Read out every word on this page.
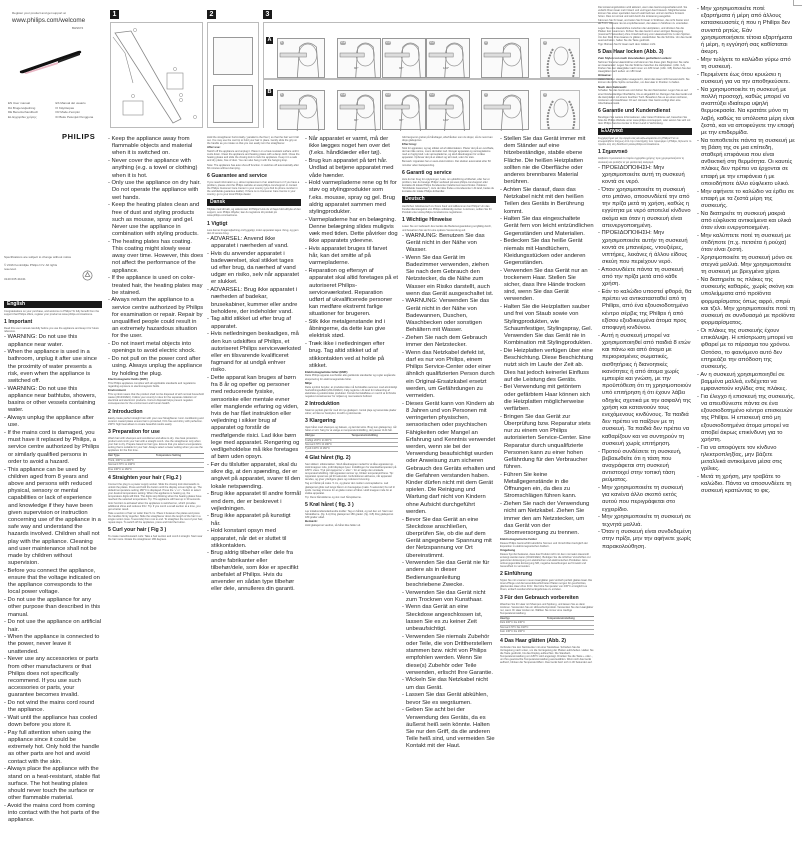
Register your product and get support at
www.philips.com/welcome
BHS674
EN User manual
DA Brugervejledning
DE Benutzerhandbuch
EL Εγχειρίδιο χρήσης
ES Manual del usuario
FI Käyttöopas
FR Mode d'emploi
ID Buku Petunjuk Pengguna
PHILIPS
Specifications are subject to change without notice
© 2016 Koninklijke Philips N.V. All rights reserved.
3140 035 41041
1	2	3
A	1	2-a
90°
2-b
90°
2-c
180°
3	4
B	1	2-a
90°
2-b
90°
2-c
180°
3	4
English
Congratulations on your purchase, and welcome to Philips! To fully benefit from the support that Philips offers, register your product at www.philips.com/welcome.
1 Important
Read this user manual carefully before you use the appliance and keep it for future reference.
- WARNING: Do not use this appliance near water.
- When the appliance is used in a bathroom, unplug it after use since the proximity of water presents a risk, even when the appliance is switched off.
- WARNING: Do not use this appliance near bathtubs, showers, basins or other vessels containing water.
- Always unplug the appliance after use.
- If the mains cord is damaged, you must have it replaced by Philips, a service centre authorized by Philips or similarly qualified persons in order to avoid a hazard.
- This appliance can be used by children aged from 8 years and above and persons with reduced physical, sensory or mental capabilities or lack of experience and knowledge if they have been given supervision or instruction concerning use of the appliance in a safe way and understand the hazards involved. Children shall not play with the appliance. Cleaning and user maintenance shall not be made by children without supervision.
- Before you connect the appliance, ensure that the voltage indicated on the appliance corresponds to the local power voltage.
- Do not use the appliance for any other purpose than described in this manual.
- Do not use the appliance on artificial hair.
- When the appliance is connected to the power, never leave it unattended.
- Never use any accessories or parts from other manufacturers or that Philips does not specifically recommend. If you use such accessories or parts, your guarantee becomes invalid.
- Do not wind the mains cord round the appliance.
- Wait until the appliance has cooled down before you store it.
- Pay full attention when using the appliance since it could be extremely hot. Only hold the handle as other parts are hot and avoid contact with the skin.
- Always place the appliance with the stand on a heat-resistant, stable flat surface. The hot heating plates should never touch the surface or other flammable material.
- Avoid the mains cord from coming into contact with the hot parts of the appliance.
- Keep the appliance away from flammable objects and material when it is switched on.
- Never cover the appliance with anything (e.g. a towel or clothing) when it is hot.
- Only use the appliance on dry hair. Do not operate the appliance with wet hands.
- Keep the heating plates clean and free of dust and styling products such as mousse, spray and gel. Never use the appliance in combination with styling products.
- The heating plates has coating. This coating might slowly wear away over time. However, this does not affect the performance of the appliance.
- If the appliance is used on color-treated hair, the heating plates may be stained.
- Always return the appliance to a service centre authorized by Philips for examination or repair. Repair by unqualified people could result in an extremely hazardous situation for the user.
- Do not insert metal objects into openings to avoid electric shock.
- Do not pull on the power cord after using. Always unplug the appliance by holding the plug.
Electromagnetic fields (EMF)
This Philips appliance complies with all applicable standards and regulations regarding exposure to electromagnetic fields.
Environment
This symbol means that the product shall not be disposed of with normal household waste (2012/19/EU). Follow your country's rules for the separate collection of electrical and electronic products. Correct disposal helps prevent negative consequences for the environment and human health.
2 Introduction
Easily create perfect straight hair with your new Straightener. Ionic conditioning and ceramic coated plates ensure hair is protected, frizz-free and shiny with perfection. 230°C high heat allows to create beautiful results easily.
3 Preparation for use
Wash hair with shampoo and conditioner and allow to dry. Use heat protection product and comb your hair with a straight comb. Use the straightener only when your hair is dry. Prepare based on hair type. Ensure that you select a temperature setting that is suitable for your hair. Always select a lower setting when you use the appliance for the first time.
Hair Type	Temperature Setting
Thick, 200°C to 230°C
Normal 170°C to 190°C
Fine 130°C to 160°C
4 Straighten your hair ( Fig.2 )
Connect the plug to a power supply socket. Slide the closing lock downwards to unlock the plates. Press and hold the button until the display screen lights up. The default temperature setting 180°C is displayed. Press the '+' or '-' button to select your desired temperature setting. When the appliance is heating up, the temperature digits will blink. The digits stop blinking when the heating plates have reached the selected temperature. Tip: The appliance will heat up in 30 seconds. Ionic function is activated when the appliance is switched on, which provides additional shine and reduces frizz. Tip: If you comb a small section at a time, you get a better result.
Take a section of hair no wider than 5 cm. Place it between the plates and press the handles firmly together. Slide the straightener down the length of the hair in a single motion (max. 5 seconds) from root to end. To straighten the rest of your hair, repeat steps. To switch off the appliance, press and hold the button.
5 Curl your hair ( Fig 3 )
To create inward/outward curls: Take a hair section and comb it straight. Start near the hair roots. Rotate the straightener 180 degrees.
Hold the straightener horizontally ( parallel to the floor ) so that the hair won't fall out. You may use the cool tip to hold your hair in place. Gently slide the grip on the handle as you rotate so that you can easily turn the straightener.
After use:
Switch off the appliance and unplug it. Place it on a heat-resistant surface until it cools down. Clean the appliance and heating plates with a damp cloth. Close the heating plates and slide the closing lock to lock the appliance. Keep it in a safe and dry place, free of dust. You can also hang it with the hanging loop.
Note: The appliance has auto shut-off function. It switches off automatically after 60 minutes without clamping.
6 Guarantee and service
If you need information e.g. about replacement of an attachment or if you have a problem, please visit the Philips website at www.philips.com/support or contact the Philips Customer Care Center in your country (you find its phone number in the worldwide guarantee leaflet). If there is no Consumer Care Centre in your country, go to your local Philips dealer.
Dansk
Tillykke med dit køb, og velkommen til Philips! Hvis du vil have fuld udbytte af den support, som Philips tilbyder, kan du registrere dit produkt på www.philips.com/welcome.
1 Vigtigt
Læs denne brugervejledning omhyggeligt, inden apparatet tages i brug, og gem den til senere brug.
- ADVARSEL: Anvend ikke apparatet i nærheden af vand.
- Hvis du anvender apparatet i badeværelset, skal stikket tages ud efter brug, da nærhed af vand udgør en risiko, selv når apparatet er slukket.
- ADVARSEL: Brug ikke apparatet i nærheden af badekar, brusekabiner, kummer eller andre beholdere, der indeholder vand.
- Tag altid stikket ud efter brug af apparatet.
- Hvis netledningen beskadiges, må den kun udskiftes af Philips, et autoriseret Philips serviceværksted eller en tilsvarende kvalificeret fagmand for at undgå enhver risiko.
- Dette apparat kan bruges af børn fra 8 år og opefter og personer med reducerede fysiske, sensoriske eller mentale evner eller manglende erfaring og viden, hvis de har fået instruktion eller vejledning i sikker brug af apparatet og forstår de medfølgende risici. Lad ikke børn lege med apparatet. Rengøring og vedligeholdelse må ikke foretages af børn uden opsyn.
- Før du tilslutter apparatet, skal du sikre dig, at den spænding, der er angivet på apparatet, svarer til den lokale netspænding.
- Brug ikke apparatet til andre formål end dem, der er beskrevet i vejledningen.
- Brug ikke apparatet på kunstigt hår.
- Hold konstant opsyn med apparatet, når det er sluttet til stikkontakten.
- Brug aldrig tilbehør eller dele fra andre fabrikanter eller tilbehør/dele, som ikke er specifikt anbefalet af Philips. Hvis du anvender en sådan type tilbehør eller dele, annulleres din garanti.
- Når apparatet er varmt, må der ikke lægges noget hen over det (f.eks. håndklæder eller tøj).
- Brug kun apparatet på tørt hår. Undlad at betjene apparatet med våde hænder.
- Hold varmepladerne rene og fri for støv og stylingprodukter som f.eks. mousse, spray og gel. Brug aldrig apparatet sammen med stylingprodukter.
- Varmepladerne har en belægning. Denne belægning slides muligvis væk med tiden. Dette påvirker dog ikke apparatets ydeevne.
- Hvis apparatet bruges til farvet hår, kan det smitte af på varmepladerne.
- Reparation og eftersyn af apparatet skal altid foretages på et autoriseret Philips-serviceværksted. Reparation udført af ukvalificerede personer kan medføre ekstremt farlige situationer for brugeren.
- Stik ikke metalgenstande ind i åbningerne, da dette kan give elektrisk stød.
- Træk ikke i netledningen efter brug. Tag altid stikket ud af stikkontakten ved at holde på stikket.
Elektromagnetiske felter (EMF)
Dette Philips apparat overholder alle gældende standarder og regler angående eksponering for elektromagnetiske felter.
Miljø
Dette symbol betyder, at produktet ikke må bortskaffes sammen med almindeligt husholdningsaffald (2012/19/EU). Følg reglerne i dit land for indsamling af elektriske og elektroniske produkter. Korrekt bortskaffelse er med til at forhindre negative konsekvenser for miljøet og menneskers helbred.
2 Introduktion
Skab let perfekt glat hår med dit nye glattejern. Ionisk pleje og keramiske plader sikrer, at håret er beskyttet, krusfrit og skinnende.
3 Klargøring
Vask håret med shampoo og balsam, og lad det tørre. Brug kun glattejernet, når håret er tørt. Sørg for at vælge en temperaturindstilling, der passer til dit hår.
Hårtype	Temperaturindstilling
Kraftigt 200°C til 230°C
Normal 170°C til 190°C
Tyndt 130°C til 160°C
4 Glat håret (fig. 2)
Sæt stikket i stikkontakten. Skub låseknappen nedad for at låse apparatet op. Hold knappen inde, indtil displayet lyser. Indstillingen for standardtemperatur på 180°C vises. Tryk på knapperne '+' eller '-' for at vælge den ønskede temperaturindstilling. Når apparatet varmer op, blinker temperaturcifrene. Tip: Apparatet opvarmes på 30 sekunder. Ionfunktionen aktiveres, når apparatet tændes, og giver yderligere glans og reducerer krusning.
Tag en hårlok på maks. 5 cm, og placer den mellem varmepladerne. Lad glattejernet glide ned langs håret i én bevægelse (maks. 5 sekunder) fra rod til spids. Gentag trinnene for at glatte resten af håret. Hold knappen inde for at slukke apparatet.
Tip: Rens hårrødderne og slut med hårspidserne.
5 Krøl håret ( fig. 3 )
Lav indadvendte/udadvendte krøller: Tag en hårlok, og red den ud. Start nær hårrødderne. (fig. 3-A) Drej glattejernet 180 grader. (fig. 3-B) Drej glattejernet 180 grader udad.
Bemærk:
Hold glattejernet vandret, så håret ikke falder ud.
Glid langsomt grebet på håndtaget, efterhånden som du drejer, så du nemt kan dreje glattejernet.
Efter brug:
Sluk for apparatet, og tag stikket ud af stikkontakten. Placer det på en overflade, der kan tåle varme, mens det køler ned. Rengør apparatet og varmepladerne med en fugtig klud. Luk varmepladerne, og skub låseknappen for at låse apparatet. Opbevar det på et sikkert og tørt sted, uden for støv.
Bemærk: Apparatet har en auto-sluk-funktion. Det slukker automatisk efter 60 minutter uden fastspænding.
6 Garanti og service
Hvis du har brug for oplysninger, f.eks. om udskiftning af tilbehør, eller har et problem, kan du besøge Philips' websted på www.philips.com/support eller kontakte dit lokale Philips Kundecenter (telefonnummeret findes i folderen "Worldwide Guarantee"). Hvis der ikke findes et kundecenter i dit land, bedes du kontakte din lokale Philips-forhandler.
Deutsch
Herzlichen Glückwunsch zu Ihrem Kauf und willkommen bei Philips! Um das Kundendienstangebot von Philips vollständig nutzen zu können, sollten Sie Ihr Produkt unter www.philips.com/welcome registrieren.
1 Wichtige Hinweise
Lesen Sie vor Gebrauch des Geräts die Bedienungsanleitung sorgfältig durch, und bewahren Sie sie für eine spätere Verwendung auf.
- WARNUNG: Benutzen Sie das Gerät nicht in der Nähe von Wasser.
- Wenn Sie das Gerät im Badezimmer verwenden, ziehen Sie nach dem Gebrauch den Netzstecker, da die Nähe zum Wasser ein Risiko darstellt, auch wenn das Gerät ausgeschaltet ist.
- WARNUNG: Verwenden Sie das Gerät nicht in der Nähe von Badewannen, Duschen, Waschbecken oder sonstigen Behältern mit Wasser.
- Ziehen Sie nach dem Gebrauch immer den Netzstecker.
- Wenn das Netzkabel defekt ist, darf es nur von Philips, einem Philips Service-Center oder einer ähnlich qualifizierten Person durch ein Original-Ersatzkabel ersetzt werden, um Gefährdungen zu vermeiden.
- Dieses Gerät kann von Kindern ab 8 Jahren und von Personen mit verringerten physischen, sensorischen oder psychischen Fähigkeiten oder Mangel an Erfahrung und Kenntnis verwendet werden, wenn sie bei der Verwendung beaufsichtigt wurden oder Anweisung zum sicheren Gebrauch des Geräts erhalten und die Gefahren verstanden haben. Kinder dürfen nicht mit dem Gerät spielen. Die Reinigung und Wartung darf nicht von Kindern ohne Aufsicht durchgeführt werden.
- Bevor Sie das Gerät an eine Steckdose anschließen, überprüfen Sie, ob die auf dem Gerät angegebene Spannung mit der Netzspannung vor Ort übereinstimmt.
- Verwenden Sie das Gerät nie für andere als in dieser Bedienungsanleitung beschriebene Zwecke.
- Verwenden Sie das Gerät nicht zum Trocknen von Kunsthaar.
- Wenn das Gerät an eine Steckdose angeschlossen ist, lassen Sie es zu keiner Zeit unbeaufsichtigt.
- Verwenden Sie niemals Zubehör oder Teile, die von Drittherstellern stammen bzw. nicht von Philips empfohlen werden. Wenn Sie diese(s) Zubehör oder Teile verwenden, erlischt Ihre Garantie.
- Wickeln Sie das Netzkabel nicht um das Gerät.
- Lassen Sie das Gerät abkühlen, bevor Sie es wegräumen.
- Geben Sie acht bei der Verwendung des Geräts, da es äußerst heiß sein könnte. Halten Sie nur den Griff, da die anderen Teile heiß sind, und vermeiden Sie Kontakt mit der Haut.
- Stellen Sie das Gerät immer mit dem Ständer auf eine hitzebeständige, stabile ebene Fläche. Die heißen Heizplatten sollten nie die Oberfläche oder anderes brennbares Material berühren.
- Achten Sie darauf, dass das Netzkabel nicht mit den heißen Teilen des Geräts in Berührung kommt.
- Halten Sie das eingeschaltete Gerät fern von leicht entzündlichen Gegenständen und Materialien.
- Bedecken Sie das heiße Gerät niemals mit Handtüchern, Kleidungsstücken oder anderen Gegenständen.
- Verwenden Sie das Gerät nur an trockenem Haar. Stellen Sie sicher, dass Ihre Hände trocken sind, wenn Sie das Gerät verwenden.
- Halten Sie die Heizplatten sauber und frei von Staub sowie von Stylingprodukten, wie Schaumfestiger, Stylingspray, Gel. Verwenden Sie das Gerät nie in Kombination mit Stylingprodukten.
- Die Heizplatten verfügen über eine Beschichtung. Diese Beschichtung nutzt sich im Laufe der Zeit ab. Dies hat jedoch keinerlei Einfluss auf die Leistung des Geräts.
- Bei Verwendung mit getöntem oder gefärbtem Haar können sich die Heizplatten möglicherweise verfärben.
- Bringen Sie das Gerät zur Überprüfung bzw. Reparatur stets nur zu einem von Philips autorisierten Service-Center. Eine Reparatur durch unqualifizierte Personen kann zu einer hohen Gefährdung für den Verbraucher führen.
- Führen Sie keine Metallgegenstände in die Öffnungen ein, da dies zu Stromschlägen führen kann.
- Ziehen Sie nach der Verwendung nicht am Netzkabel. Ziehen Sie immer den am Netzstecker, um das Gerät von der Stromversorgung zu trennen.
Elektromagnetische Felder
Dieses Philips Gerät erfüllt sämtliche Normen und Vorschriften bezüglich der Exposition in elektromagnetischen Feldern.
Umgebung
Dieses Symbol bedeutet, dass das Produkt nicht mit dem normalen Hausmüll entsorgt werden kann (2012/19/EU). Befolgen Sie die örtlichen Vorschriften zur getrennten Entsorgung von elektrischen und elektronischen Produkten. Eine ordnungsgemäße Entsorgung hilft, negative Auswirkungen auf Umwelt und Gesundheit zu vermeiden.
2 Einführung
Stylen Sie mit unserem neuen Haarglätter ganz einfach perfekt glattes Haar. Die Ionen-Pflege und die keramikbeschichteten Platten sorgen für geschütztes, glänzendes Haar ohne Frizz. Die hohe Temperatur von 230°C ermöglicht es Ihnen, einfach wunderschöne Ergebnisse zu erzielen.
3 Für den Gebrauch vorbereiten
Waschen Sie Ihr Haar mit Shampoo und Spülung, und lassen Sie es dann trocknen. Verwenden Sie ein Hitzeschutzprodukt. Verwenden Sie den Haarglätter nur, wenn Ihr Haar trocken ist. Wählen Sie immer eine niedrige Temperatureinstellung.
Haartyp	Temperatureinstellung
Dick 200°C bis 230°C
Normal 170°C bis 190°C
Fein 130°C bis 160°C
4 Das Haar glätten (Abb. 2)
Verbinden Sie den Netzstecker mit einer Steckdose. Schieben Sie die Verriegelung nach unten, um die Verriegelung der Platten aufzuheben. Halten Sie die Taste gedrückt, bis das Display aufleuchtet. Die Standard-Temperatureinstellung von 180°C wird angezeigt. Drücken Sie die Taste + oder -, um Ihre gewünschte Temperatureinstellung auszuwählen. Wenn sich das Gerät aufheizt, blinken die Temperaturziffern. Das Gerät heizt sich in 30 Sekunden auf.
Die Ionisierungsfunktion wird aktiviert, wenn das Gerät eingeschaltet wird. Sie verleiht Ihrem Haar mehr Glanz und verringert das Kräuseln. Möglicherweise können Sie einen speziellen Geruch wahrnehmen und ein leichtes Knistern hören. Dies ist normal und wird durch die Ionisierung ausgelöst.
Kämmen Sie Ihr Haar, und teilen Sie Ihr Haar in Strähnen, die nicht breiter sind als 5 cm. Hinweis: Es ist empfehlenswert, die Haare in Strähnen zu unterteilen.
Legen Sie eine Haarsträhne zwischen die Heizplatten, und drücken Sie die Platten fest zusammen. Führen Sie das Gerät in einer einzigen Bewegung (maximal 5 Sekunden) ohne Unterbrechung vom Haaransatz bis zu den Spitzen. Um den Rest Ihres Haares zu glätten, wiederholen Sie die Schritte. Um das Gerät auszuschalten, halten Sie die Taste gedrückt.
Tipp: Bürsten Sie Ihr Haar nach dem Glätten nicht.
5 Das Haar locken (Abb. 3)
Zum Stylen von nach innen/außen gedrehten Locken:
Nehmen Sie eine Haarsträhne und kämmen Sie diese glatt. Beginnen Sie nahe am Haaransatz. Legen Sie die Strähne zwischen die Heizplatten. (Abb. 3-A) Drehen Sie den Haarglätter nach innen um 180 Grad. (Abb. 3-B) Drehen Sie den Haarglätter nach außen um 180 Grad.
Hinweise:
Halten Sie den Haarglätter waagerecht, damit das Haar nicht herausrutscht. Sie können die kühle Spitze verwenden, um das Haar in Position zu halten.
Nach dem Gebrauch:
Schalten Sie das Gerät aus und ziehen Sie den Netzstecker. Legen Sie es auf eine hitzebeständige Oberfläche, bis es abgekühlt ist. Reinigen Sie das Gerät und die Heizplatten mit einem feuchten Tuch. Bewahren Sie es an einem sicheren, trockenen und staubfreien Ort auf. Hinweis: Das Gerät verfügt über eine Abschaltautomatik.
6 Garantie und Kundendienst
Benötigen Sie weitere Informationen, oder treten Probleme auf, besuchen Sie bitte die Philips Website unter www.philips.com/support, oder setzen Sie sich mit dem Philips Service-Center in Ihrem Land in Verbindung.
Ελληνικά
Συγχαρητήρια για την αγορά σας και καλωσορίσατε στη Philips! Για να επωφεληθείτε πλήρως από την υποστήριξη που προσφέρει η Philips, δηλώστε το προϊόν σας στη διεύθυνση www.philips.com/welcome.
1 Σημαντικό
Διαβάστε προσεκτικά το παρόν εγχειρίδιο χρήσης πριν χρησιμοποιήσετε τη συσκευή και φυλάξτε το για μελλοντική αναφορά.
- ΠΡΟΕΙΔΟΠΟΙΗΣΗ: Μην χρησιμοποιείτε αυτή τη συσκευή κοντά σε νερό.
- Όταν χρησιμοποιείτε τη συσκευή στο μπάνιο, αποσυνδέετέ την από την πρίζα μετά τη χρήση, καθώς η εγγύτητα με νερό αποτελεί κίνδυνο ακόμα και όταν η συσκευή είναι απενεργοποιημένη.
- ΠΡΟΕΙΔΟΠΟΙΗΣΗ: Μην χρησιμοποιείτε αυτήν τη συσκευή κοντά σε μπανιέρες, ντουζιέρες, νιπτήρες, λεκάνες ή άλλου είδους σκεύη που περιέχουν νερό.
- Αποσυνδέετε πάντα τη συσκευή από την πρίζα μετά από κάθε χρήση.
- Εάν το καλώδιο υποστεί φθορά, θα πρέπει να αντικατασταθεί από τη Philips, από ένα εξουσιοδοτημένο κέντρο σέρβις της Philips ή από εξίσου εξειδικευμένα άτομα προς αποφυγή κινδύνου.
- Αυτή η συσκευή μπορεί να χρησιμοποιηθεί από παιδιά 8 ετών και πάνω και από άτομα με περιορισμένες σωματικές, αισθητήριες ή διανοητικές ικανότητες ή από άτομα χωρίς εμπειρία και γνώση, με την προϋπόθεση ότι τη χρησιμοποιούν υπό επιτήρηση ή ότι έχουν λάβει οδηγίες σχετικά με την ασφαλή της χρήση και κατανοούν τους ενεχόμενους κινδύνους. Τα παιδιά δεν πρέπει να παίζουν με τη συσκευή. Τα παιδιά δεν πρέπει να καθαρίζουν και να συντηρούν τη συσκευή χωρίς επιτήρηση.
- Προτού συνδέσετε τη συσκευή, βεβαιωθείτε ότι η τάση που αναγράφεται στη συσκευή αντιστοιχεί στην τοπική τάση ρεύματος.
- Μην χρησιμοποιείτε τη συσκευή για κανένα άλλο σκοπό εκτός αυτού που περιγράφεται στο εγχειρίδιο.
- Μην χρησιμοποιείτε τη συσκευή σε τεχνητά μαλλιά.
- Όταν η συσκευή είναι συνδεδεμένη στην πρίζα, μην την αφήνετε χωρίς παρακολούθηση.
- Μην χρησιμοποιείτε ποτέ εξαρτήματα ή μέρη από άλλους κατασκευαστές ή που η Philips δεν συνιστά ρητώς. Εάν χρησιμοποιήσετε τέτοια εξαρτήματα ή μέρη, η εγγύησή σας καθίσταται άκυρη.
- Μην τυλίγετε το καλώδιο γύρω από τη συσκευή.
- Περιμένετε έως ότου κρυώσει η συσκευή για να την αποθηκεύσετε.
- Να χρησιμοποιείτε τη συσκευή με πολλή προσοχή, καθώς μπορεί να αναπτύξει ιδιαίτερα υψηλή θερμοκρασία. Να κρατάτε μόνο τη λαβή, καθώς τα υπόλοιπα μέρη είναι ζεστά, και να αποφεύγετε την επαφή με την επιδερμίδα.
- Να τοποθετείτε πάντα τη συσκευή με τη βάση της σε μια επίπεδη, σταθερή επιφάνεια που είναι ανθεκτική στη θερμότητα. Οι καυτές πλάκες δεν πρέπει να έρχονται σε επαφή με την επιφάνεια ή με οποιοδήποτε άλλο εύφλεκτο υλικό.
- Μην αφήνετε το καλώδιο να έρθει σε επαφή με τα ζεστά μέρη της συσκευής.
- Να διατηρείτε τη συσκευή μακριά από εύφλεκτα αντικείμενα και υλικά όταν είναι ενεργοποιημένη.
- Μην καλύπτετε ποτέ τη συσκευή με οτιδήποτε (π.χ. πετσέτα ή ρούχα) όταν είναι ζεστή.
- Χρησιμοποιείτε τη συσκευή μόνο σε στεγνά μαλλιά. Μην χρησιμοποιείτε τη συσκευή με βρεγμένα χέρια.
- Να διατηρείτε τις πλάκες της συσκευής καθαρές, χωρίς σκόνη και υπολείμματα από προϊόντα φορμαρίσματος όπως αφρό, σπρέι και τζελ. Μην χρησιμοποιείτε ποτέ τη συσκευή σε συνδυασμό με προϊόντα φορμαρίσματος.
- Οι πλάκες της συσκευής έχουν επικάλυψη. Η επίστρωση μπορεί να φθαρεί με το πέρασμα του χρόνου. Ωστόσο, το φαινόμενο αυτό δεν επηρεάζει την απόδοση της συσκευής.
- Αν η συσκευή χρησιμοποιηθεί σε βαμμένα μαλλιά, ενδέχεται να εμφανιστούν κηλίδες στις πλάκες.
- Για έλεγχο ή επισκευή της συσκευής, να απευθύνεστε πάντα σε ένα εξουσιοδοτημένο κέντρο επισκευών της Philips. Η επισκευή από μη εξουσιοδοτημένα άτομα μπορεί να αποβεί άκρως επικίνδυνη για το χρήστη.
- Για να αποφύγετε τον κίνδυνο ηλεκτροπληξίας, μην βάζετε μεταλλικά αντικείμενα μέσα στις γρίλιες.
- Μετά τη χρήση, μην τραβάτε το καλώδιο. Πάντα να αποσυνδέετε τη συσκευή κρατώντας το φις.
